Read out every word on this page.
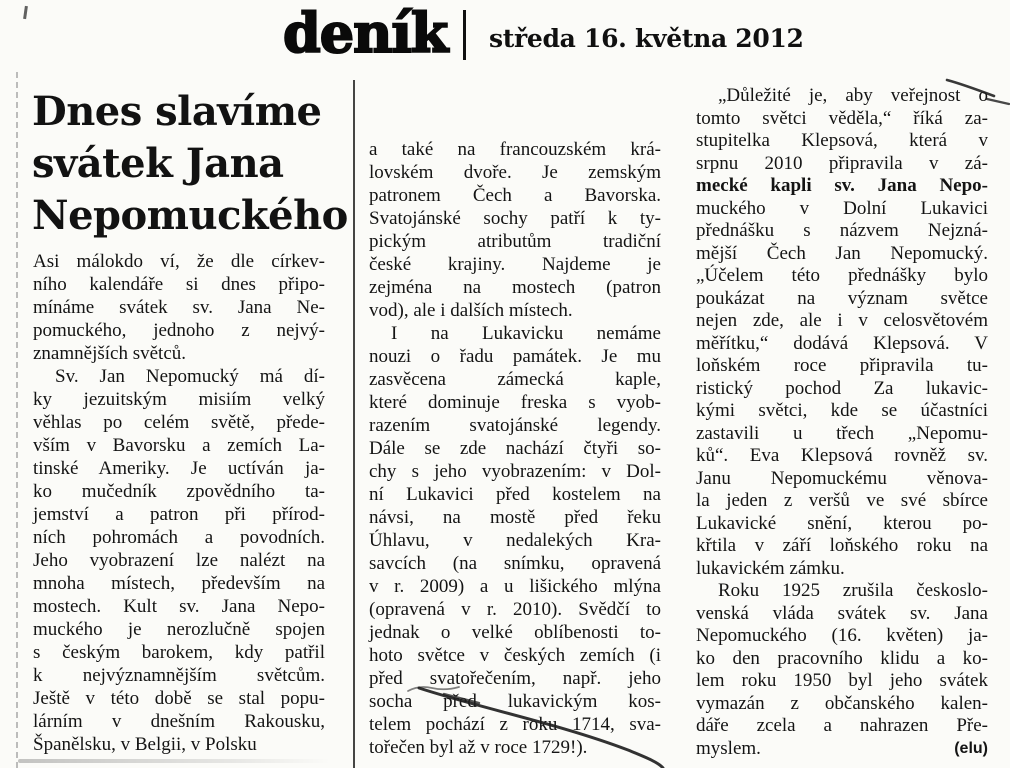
deník středa 16. května 2012
Dnes slavíme
svátek Jana
Nepomuckého
Asi málokdo ví, že dle církev-
ního kalendáře si dnes připo-
mínáme svátek sv. Jana Ne-
pomuckého, jednoho z nejvý-
znamnějších světců.
Sv. Jan Nepomucký má dí-
ky jezuitským misiím velký
věhlas po celém světě, přede-
vším v Bavorsku a zemích La-
tinské Ameriky. Je uctíván ja-
ko mučedník zpovědního ta-
jemství a patron při přírod-
ních pohromách a povodních.
Jeho vyobrazení lze nalézt na
mnoha místech, především na
mostech. Kult sv. Jana Nepo-
muckého je nerozlučně spojen
s českým barokem, kdy patřil
k nejvýznamnějším světcům.
Ještě v této době se stal popu-
lárním v dnešním Rakousku,
Španělsku, v Belgii, v Polsku
a také na francouzském krá-
lovském dvoře. Je zemským
patronem Čech a Bavorska.
Svatojánské sochy patří k ty-
pickým atributům tradiční
české krajiny. Najdeme je
zejména na mostech (patron
vod), ale i dalších místech.
I na Lukavicku nemáme
nouzi o řadu památek. Je mu
zasvěcena zámecká kaple,
které dominuje freska s vyob-
razením svatojánské legendy.
Dále se zde nachází čtyři so-
chy s jeho vyobrazením: v Dol-
ní Lukavici před kostelem na
návsi, na mostě před řeku
Úhlavu, v nedalekých Kra-
savcích (na snímku, opravená
v r. 2009) a u lišického mlýna
(opravená v r. 2010). Svědčí to
jednak o velké oblíbenosti to-
hoto světce v českých zemích (i
před svatořečením, např. jeho
socha před lukavickým kos-
telem pochází z roku 1714, sva-
tořečen byl až v roce 1729!).
„Důležité je, aby veřejnost o
tomto světci věděla,“ říká za-
stupitelka Klepsová, která v
srpnu 2010 připravila v zá-
mecké kapli sv. Jana Nepo-
muckého v Dolní Lukavici
přednášku s názvem Nejzná-
mější Čech Jan Nepomucký.
„Účelem této přednášky bylo
poukázat na význam světce
nejen zde, ale i v celosvětovém
měřítku,“ dodává Klepsová. V
loňském roce připravila tu-
ristický pochod Za lukavic-
kými světci, kde se účastníci
zastavili u třech „Nepomu-
ků“. Eva Klepsová rovněž sv.
Janu Nepomuckému věnova-
la jeden z veršů ve své sbírce
Lukavické snění, kterou po-
křtila v září loňského roku na
lukavickém zámku.
Roku 1925 zrušila českoslo-
venská vláda svátek sv. Jana
Nepomuckého (16. květen) ja-
ko den pracovního klidu a ko-
lem roku 1950 byl jeho svátek
vymazán z občanského kalen-
dáře zcela a nahrazen Pře-
myslem.	(elu)
